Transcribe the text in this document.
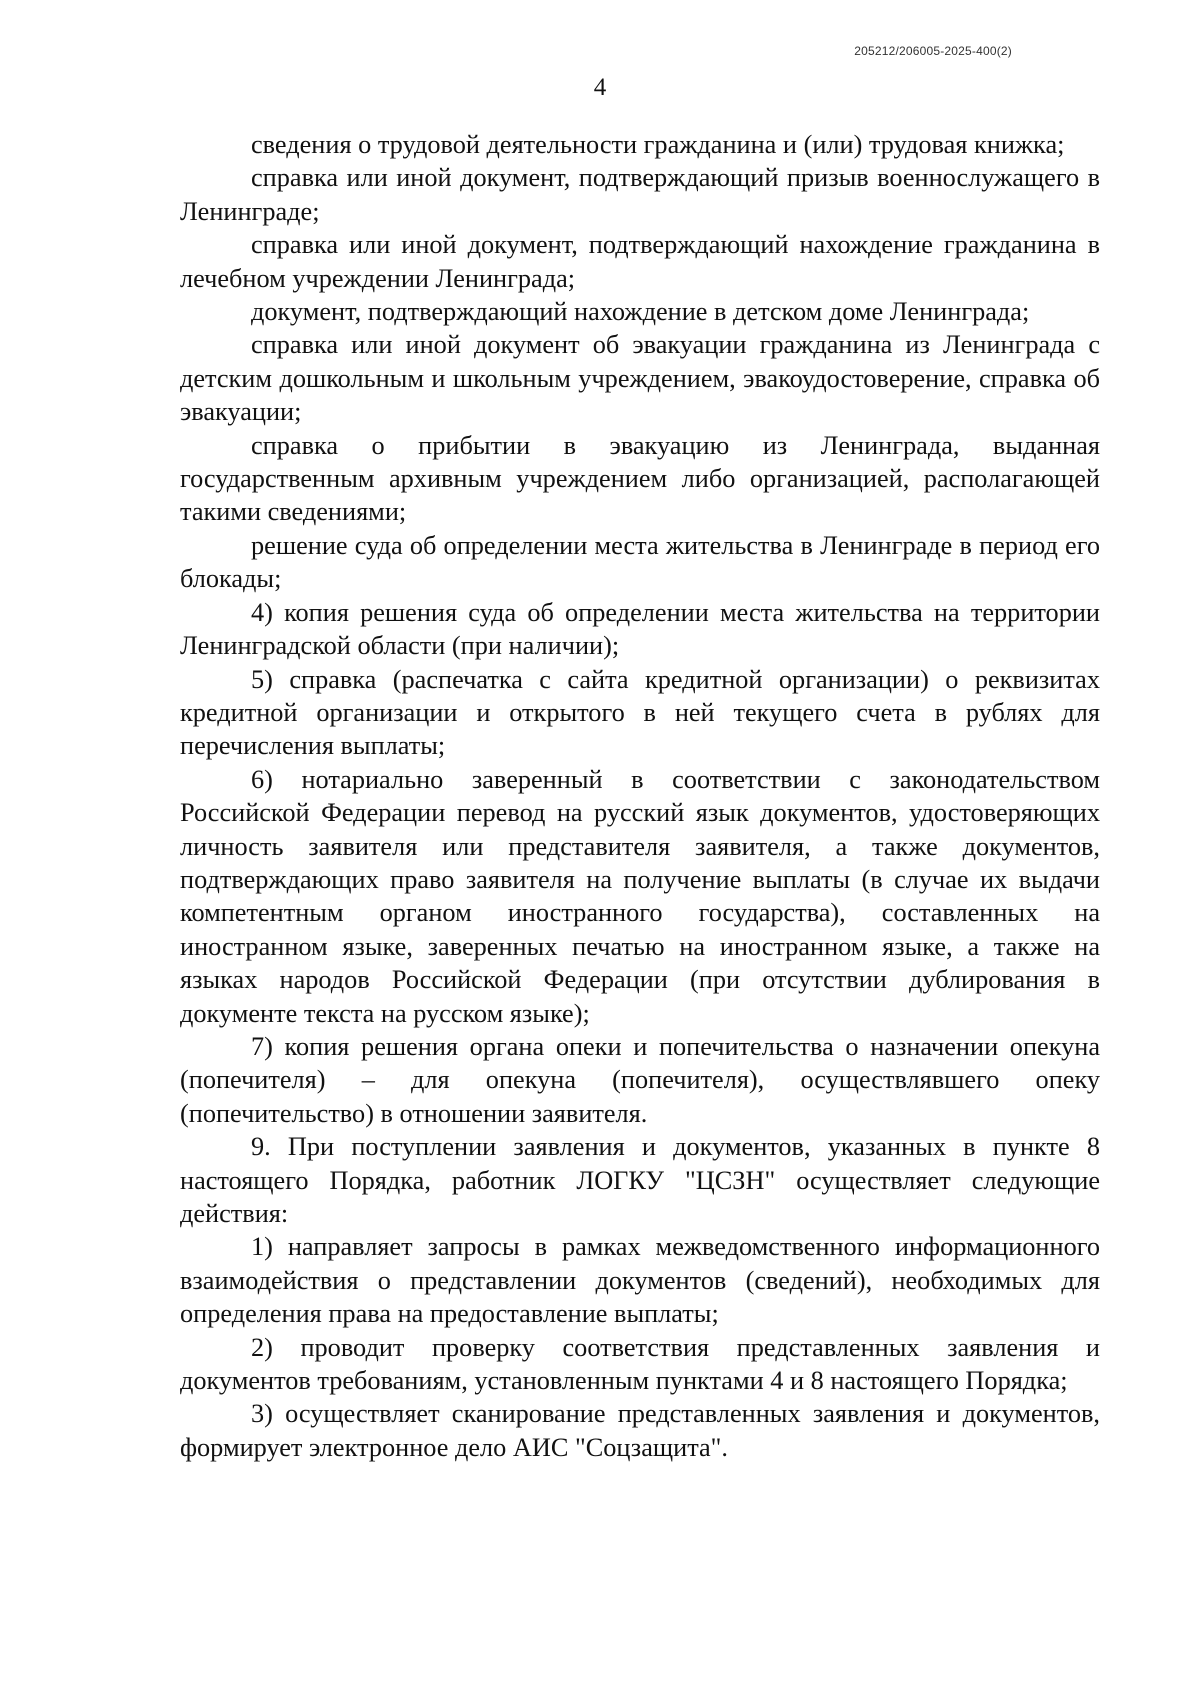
205212/206005-2025-400(2)
4

сведения о трудовой деятельности гражданина и (или) трудовая книжка;

справка или иной документ, подтверждающий призыв военнослужащего в Ленинграде;

справка или иной документ, подтверждающий нахождение гражданина в лечебном учреждении Ленинграда;

документ, подтверждающий нахождение в детском доме Ленинграда;

справка или иной документ об эвакуации гражданина из Ленинграда с детским дошкольным и школьным учреждением, эвакоудостоверение, справка об эвакуации;

справка о прибытии в эвакуацию из Ленинграда, выданная государственным архивным учреждением либо организацией, располагающей такими сведениями;

решение суда об определении места жительства в Ленинграде в период его блокады;

4) копия решения суда об определении места жительства на территории Ленинградской области (при наличии);

5) справка (распечатка с сайта кредитной организации) о реквизитах кредитной организации и открытого в ней текущего счета в рублях для перечисления выплаты;

6) нотариально заверенный в соответствии с законодательством Российской Федерации перевод на русский язык документов, удостоверяющих личность заявителя или представителя заявителя, а также документов, подтверждающих право заявителя на получение выплаты (в случае их выдачи компетентным органом иностранного государства), составленных на иностранном языке, заверенных печатью на иностранном языке, а также на языках народов Российской Федерации (при отсутствии дублирования в документе текста на русском языке);

7) копия решения органа опеки и попечительства о назначении опекуна (попечителя) – для опекуна (попечителя), осуществлявшего опеку (попечительство) в отношении заявителя.

9. При поступлении заявления и документов, указанных в пункте 8 настоящего Порядка, работник ЛОГКУ "ЦСЗН" осуществляет следующие действия:

1) направляет запросы в рамках межведомственного информационного взаимодействия о представлении документов (сведений), необходимых для определения права на предоставление выплаты;

2) проводит проверку соответствия представленных заявления и документов требованиям, установленным пунктами 4 и 8 настоящего Порядка;

3) осуществляет сканирование представленных заявления и документов, формирует электронное дело АИС "Соцзащита".
